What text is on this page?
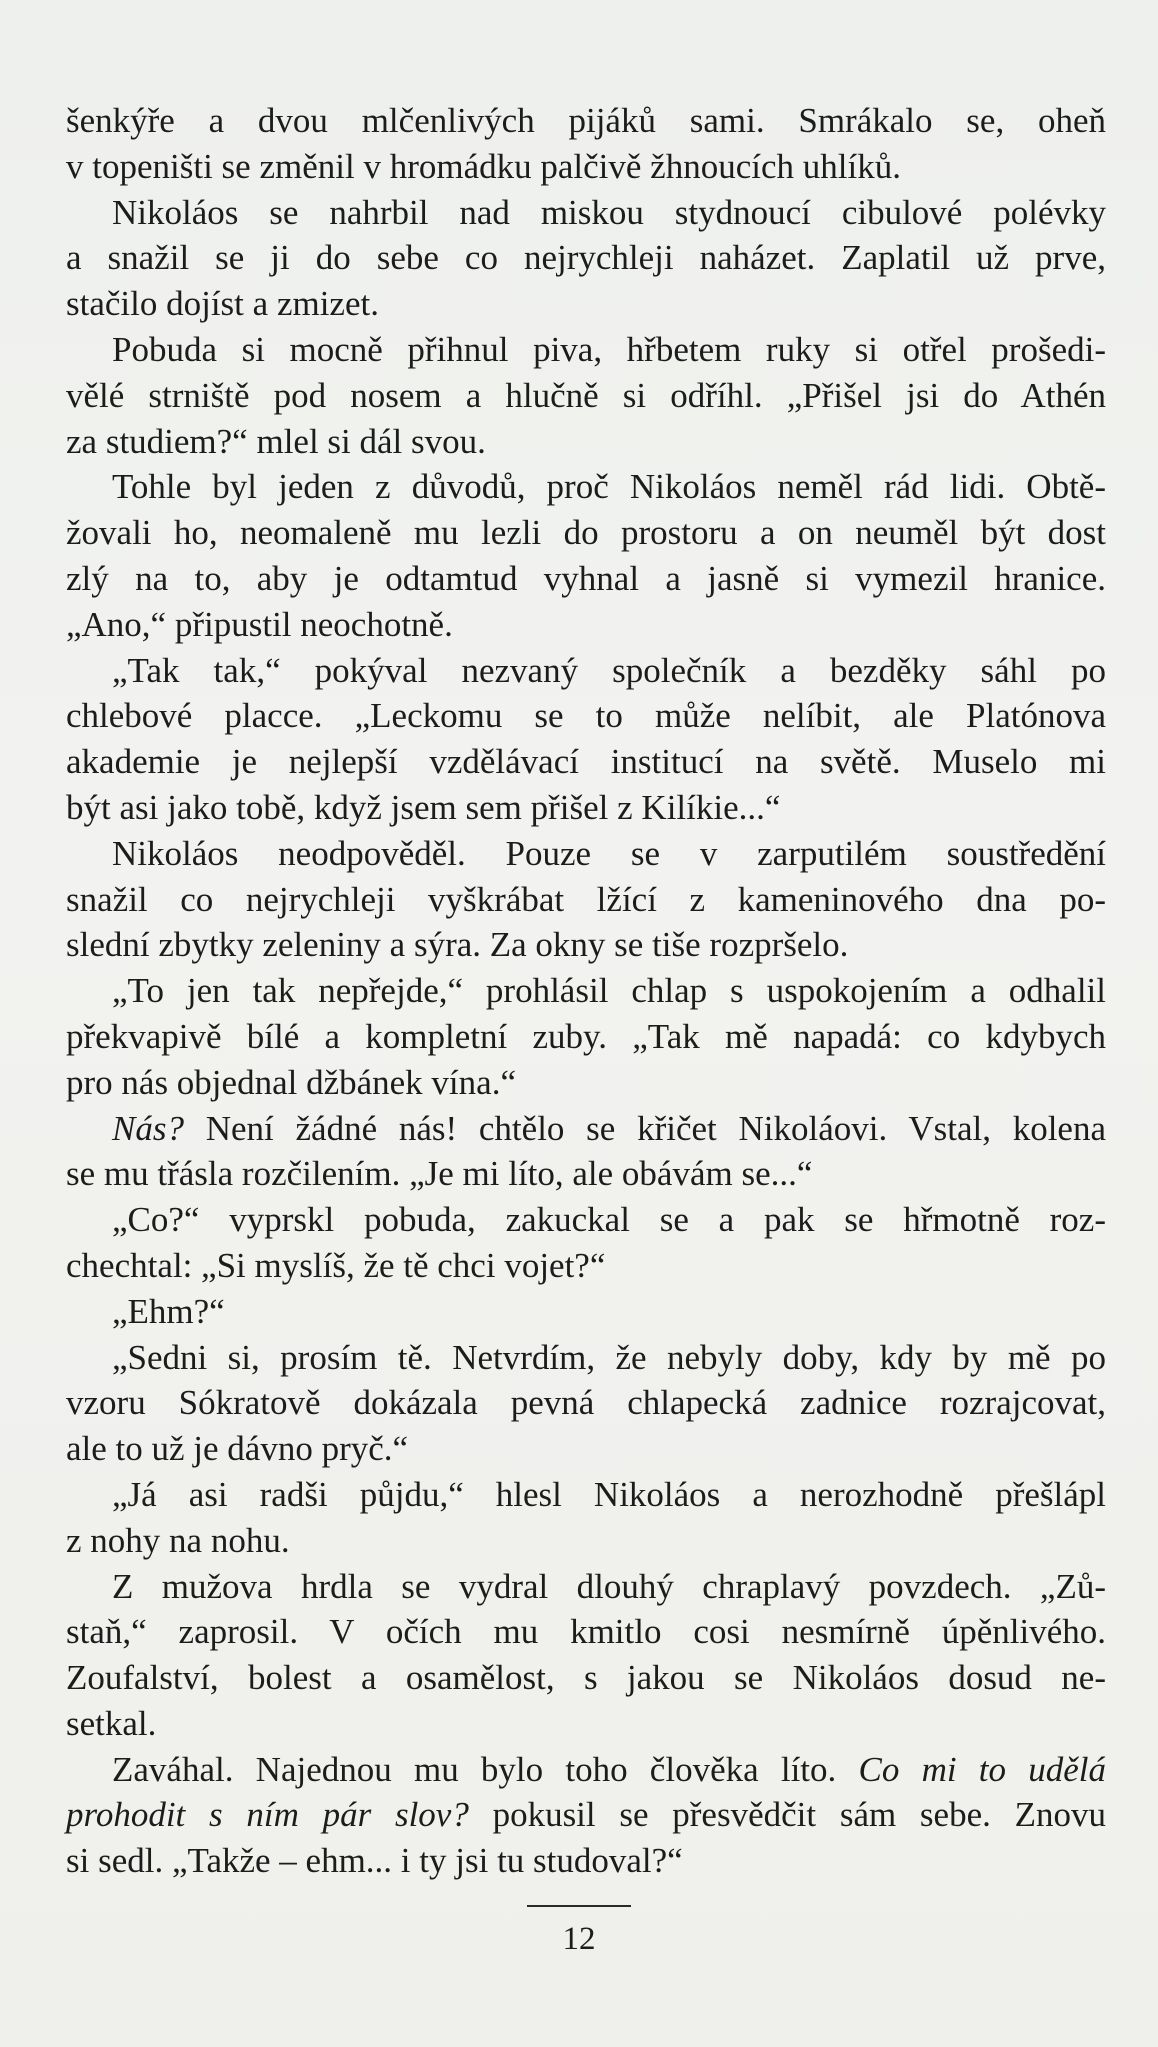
šenkýře a dvou mlčenlivých pijáků sami. Smrákalo se, oheň
v topeništi se změnil v hromádku palčivě žhnoucích uhlíků.
Nikoláos se nahrbil nad miskou stydnoucí cibulové polévky
a snažil se ji do sebe co nejrychleji naházet. Zaplatil už prve,
stačilo dojíst a zmizet.
Pobuda si mocně přihnul piva, hřbetem ruky si otřel prošedi-
vělé strniště pod nosem a hlučně si odříhl. „Přišel jsi do Athén
za studiem?“ mlel si dál svou.
Tohle byl jeden z důvodů, proč Nikoláos neměl rád lidi. Obtě-
žovali ho, neomaleně mu lezli do prostoru a on neuměl být dost
zlý na to, aby je odtamtud vyhnal a jasně si vymezil hranice.
„Ano,“ připustil neochotně.
„Tak tak,“ pokýval nezvaný společník a bezděky sáhl po
chlebové placce. „Leckomu se to může nelíbit, ale Platónova
akademie je nejlepší vzdělávací institucí na světě. Muselo mi
být asi jako tobě, když jsem sem přišel z Kilíkie...“
Nikoláos neodpověděl. Pouze se v zarputilém soustředění
snažil co nejrychleji vyškrábat lžící z kameninového dna po-
slední zbytky zeleniny a sýra. Za okny se tiše rozpršelo.
„To jen tak nepřejde,“ prohlásil chlap s uspokojením a odhalil
překvapivě bílé a kompletní zuby. „Tak mě napadá: co kdybych
pro nás objednal džbánek vína.“
Nás? Není žádné nás! chtělo se křičet Nikoláovi. Vstal, kolena
se mu třásla rozčilením. „Je mi líto, ale obávám se...“
„Co?“ vyprskl pobuda, zakuckal se a pak se hřmotně roz-
chechtal: „Si myslíš, že tě chci vojet?“
„Ehm?“
„Sedni si, prosím tě. Netvrdím, že nebyly doby, kdy by mě po
vzoru Sókratově dokázala pevná chlapecká zadnice rozrajcovat,
ale to už je dávno pryč.“
„Já asi radši půjdu,“ hlesl Nikoláos a nerozhodně přešlápl
z nohy na nohu.
Z mužova hrdla se vydral dlouhý chraplavý povzdech. „Zů-
staň,“ zaprosil. V očích mu kmitlo cosi nesmírně úpěnlivého.
Zoufalství, bolest a osamělost, s jakou se Nikoláos dosud ne-
setkal.
Zaváhal. Najednou mu bylo toho člověka líto. Co mi to udělá
prohodit s ním pár slov? pokusil se přesvědčit sám sebe. Znovu
si sedl. „Takže – ehm... i ty jsi tu studoval?“
12
